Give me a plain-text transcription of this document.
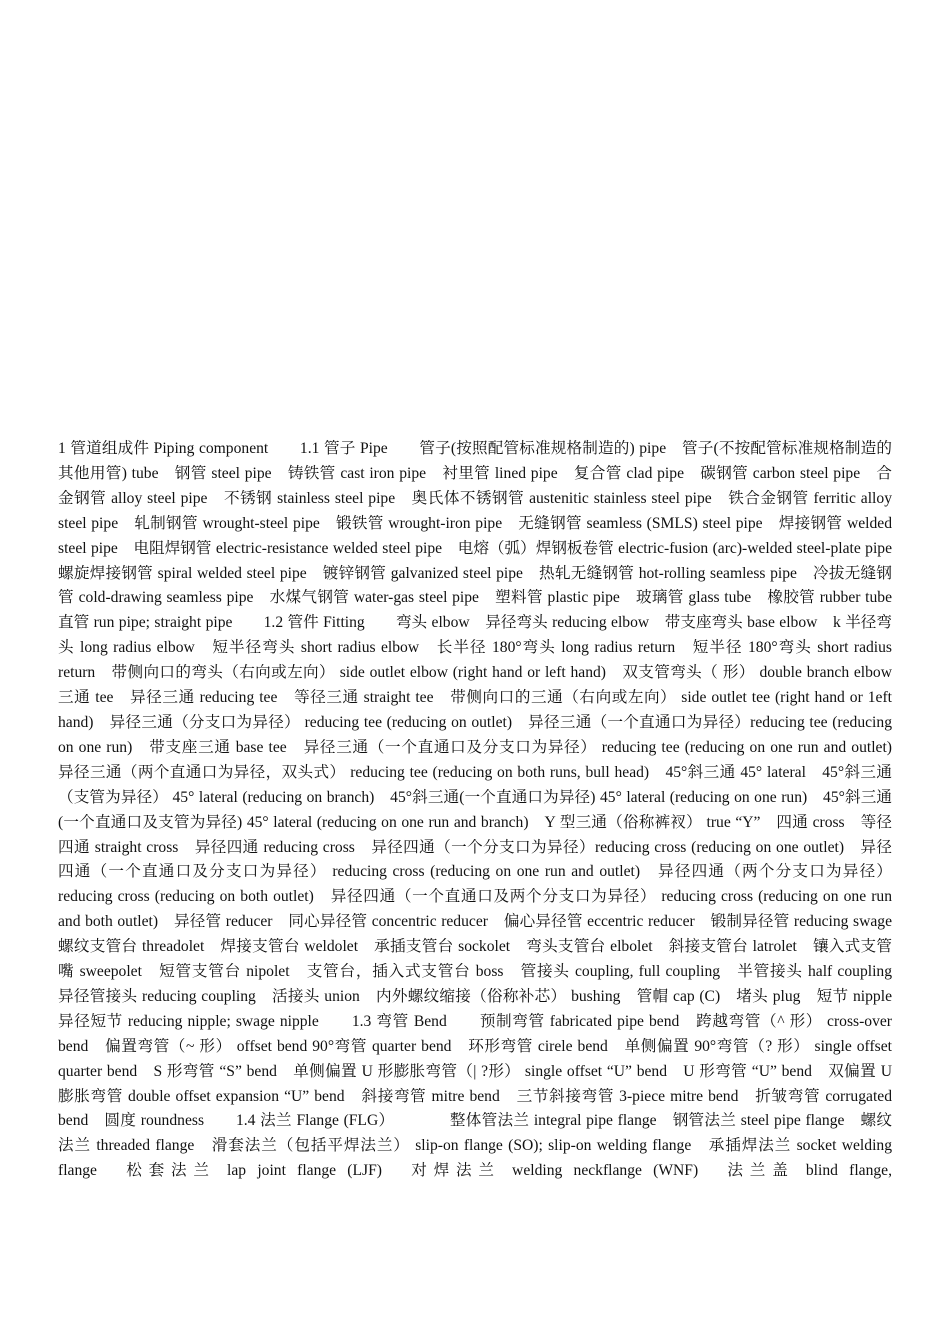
1 管道组成件 Piping component　　1.1 管子 Pipe　　管子(按照配管标准规格制造的) pipe　管子(不按配管标准规格制造的其他用管) tube　钢管 steel pipe　铸铁管 cast iron pipe　衬里管 lined pipe　复合管 clad pipe　碳钢管 carbon steel pipe　合金钢管 alloy steel pipe　不锈钢 stainless steel pipe　奥氏体不锈钢管 austenitic stainless steel pipe　铁合金钢管 ferritic alloy steel pipe　轧制钢管 wrought-steel pipe　锻铁管 wrought-iron pipe　无缝钢管 seamless (SMLS) steel pipe　焊接钢管 welded steel pipe　电阻焊钢管 electric-resistance welded steel pipe　电熔（弧）焊钢板卷管 electric-fusion (arc)-welded steel-plate pipe　螺旋焊接钢管 spiral welded steel pipe　镀锌钢管 galvanized steel pipe　热轧无缝钢管 hot-rolling seamless pipe　冷拔无缝钢管 cold-drawing seamless pipe　水煤气钢管 water-gas steel pipe　塑料管 plastic pipe　玻璃管 glass tube　橡胶管 rubber tube　直管 run pipe; straight pipe　　1.2 管件 Fitting　　弯头 elbow　异径弯头 reducing elbow　带支座弯头 base elbow　k 半径弯头 long radius elbow　短半径弯头 short radius elbow　长半径 180°弯头 long radius return　短半径 180°弯头 short radius return　带侧向口的弯头（右向或左向） side outlet elbow (right hand or left hand)　双支管弯头（ 形） double branch elbow　三通 tee　异径三通 reducing tee　等径三通 straight tee　带侧向口的三通（右向或左向） side outlet tee (right hand or 1eft hand)　异径三通（分支口为异径） reducing tee (reducing on outlet)　异径三通（一个直通口为异径）reducing tee (reducing on one run)　带支座三通 base tee　异径三通（一个直通口及分支口为异径） reducing tee (reducing on one run and outlet)　异径三通（两个直通口为异径，双头式） reducing tee (reducing on both runs, bull head)　45°斜三通 45° lateral　45°斜三通（支管为异径） 45° lateral (reducing on branch)　45°斜三通(一个直通口为异径) 45° lateral (reducing on one run)　45°斜三通(一个直通口及支管为异径) 45° lateral (reducing on one run and branch)　Y 型三通（俗称裤衩） true “Y”　四通 cross　等径四通 straight cross　异径四通 reducing cross　异径四通（一个分支口为异径）reducing cross (reducing on one outlet)　异径四通（一个直通口及分支口为异径） reducing cross (reducing on one run and outlet)　异径四通（两个分支口为异径） reducing cross (reducing on both outlet)　异径四通（一个直通口及两个分支口为异径） reducing cross (reducing on one run and both outlet)　异径管 reducer　同心异径管 concentric reducer　偏心异径管 eccentric reducer　锻制异径管 reducing swage　螺纹支管台 threadolet　焊接支管台 weldolet　承插支管台 sockolet　弯头支管台 elbolet　斜接支管台 latrolet　镶入式支管嘴 sweepolet　短管支管台 nipolet　支管台，插入式支管台 boss　管接头 coupling, full coupling　半管接头 half coupling　异径管接头 reducing coupling　活接头 union　内外螺纹缩接（俗称补芯） bushing　管帽 cap (C)　堵头 plug　短节 nipple　异径短节 reducing nipple; swage nipple　　1.3 弯管 Bend　　预制弯管 fabricated pipe bend　跨越弯管（^ 形） cross-over bend　偏置弯管（~ 形） offset bend 90°弯管 quarter bend　环形弯管 cirele bend　单侧偏置 90°弯管（? 形） single offset quarter bend　S 形弯管 “S” bend　单侧偏置 U 形膨胀弯管（| ?形） single offset “U” bend　U 形弯管 “U” bend　双偏置 U 膨胀弯管 double offset expansion “U” bend　斜接弯管 mitre bend　三节斜接弯管 3-piece mitre bend　折皱弯管 corrugated bend　圆度 roundness　　1.4 法兰 Flange (FLG）　　　　整体管法兰 integral pipe flange　钢管法兰 steel pipe flange　螺纹法兰 threaded flange　滑套法兰（包括平焊法兰） slip-on flange (SO); slip-on welding flange　承插焊法兰 socket welding flange　松套法兰 lap joint flange (LJF)　对焊法兰 welding neckflange (WNF)　法兰盖 blind flange,
